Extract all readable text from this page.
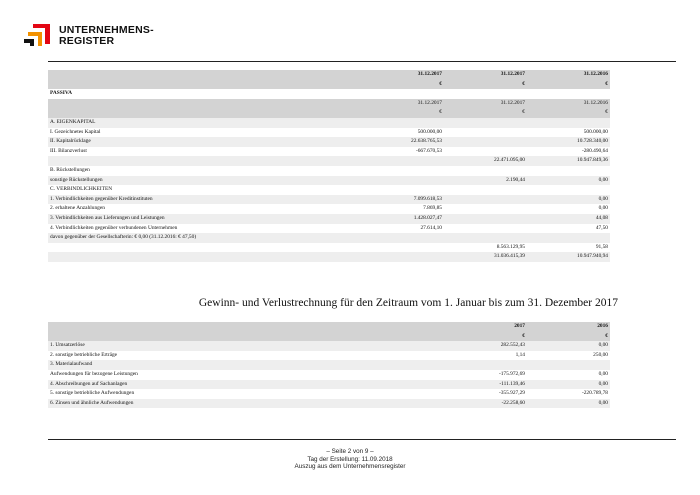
UNTERNEHMENS-
REGISTER
	31.12.2017	31.12.2017	31.12.2016
	€	€	€
PASSIVA			
	31.12.2017	31.12.2017	31.12.2016
	€	€	€
A. EIGENKAPITAL			
I. Gezeichnetes Kapital	500.000,00		500.000,00
II. Kapitalrücklage	22.638.765,53		10.728.340,00
III. Bilanzverlust	-667.670,53		-280.490,64
		22.471.095,00	10.947.849,36
B. Rückstellungen			
sonstige Rückstellungen		2.190,44	0,00
C. VERBINDLICHKEITEN			
1. Verbindlichkeiten gegenüber Kreditinstituten	7.099.618,53		0,00
2. erhaltene Anzahlungen	7.869,85		0,00
3. Verbindlichkeiten aus Lieferungen und Leistungen	1.428.027,47		44,08
4. Verbindlichkeiten gegenüber verbundenen Unternehmen	27.614,10		47,50
davon gegenüber der Gesellschafterin: € 0,00 (31.12.2016: € 47,50)			
		8.563.129,95	91,58
		31.036.415,39	10.947.940,94
Gewinn- und Verlustrechnung für den Zeitraum vom 1. Januar bis zum 31. Dezember 2017
	2017	2016
	€	€
1. Umsatzerlöse	282.552,43	0,00
2. sonstige betriebliche Erträge	1,14	250,00
3. Materialaufwand		
Aufwendungen für bezogene Leistungen	-175.972,69	0,00
4. Abschreibungen auf Sachanlagen	-111.139,46	0,00
5. sonstige betriebliche Aufwendungen	-355.927,29	-220.789,78
6. Zinsen und ähnliche Aufwendungen	-22.258,60	0,00
– Seite 2 von 9 –
Tag der Erstellung: 11.09.2018
Auszug aus dem Unternehmensregister
